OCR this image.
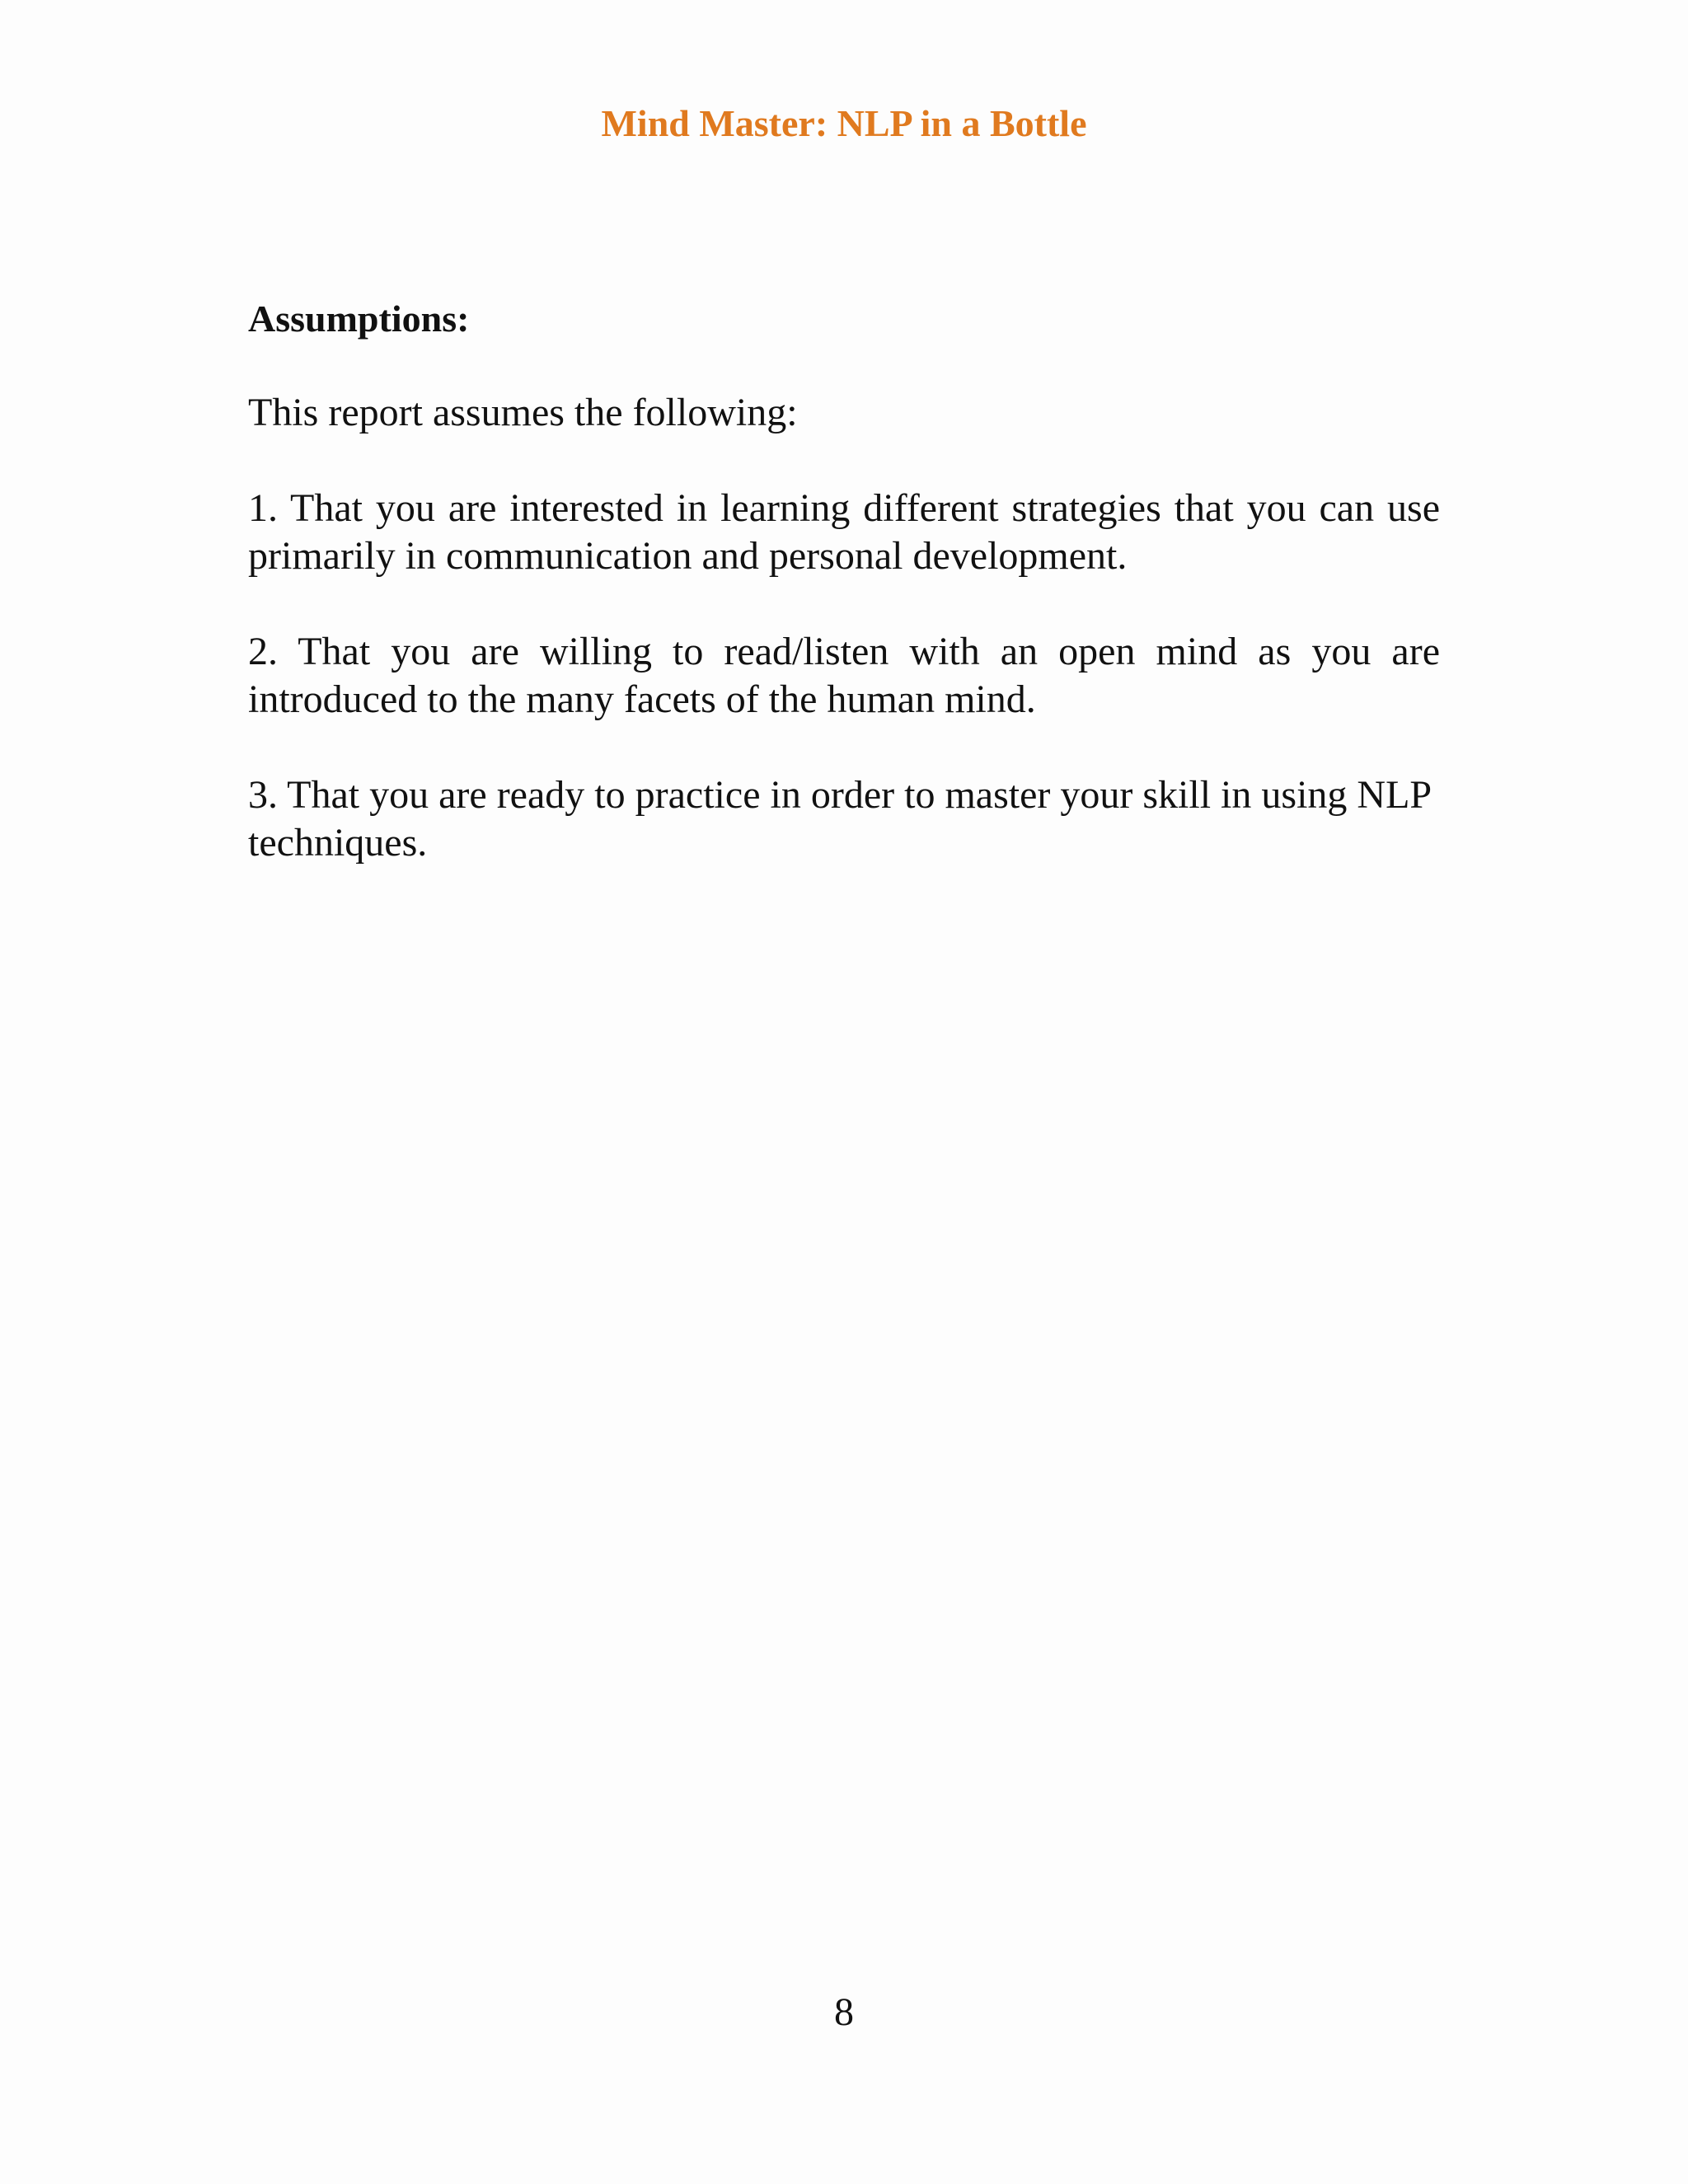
Mind Master: NLP in a Bottle
Assumptions:
This report assumes the following:
1. That you are interested in learning different strategies that you can use primarily in communication and personal development.
2. That you are willing to read/listen with an open mind as you are introduced to the many facets of the human mind.
3. That you are ready to practice in order to master your skill in using NLP techniques.
8
